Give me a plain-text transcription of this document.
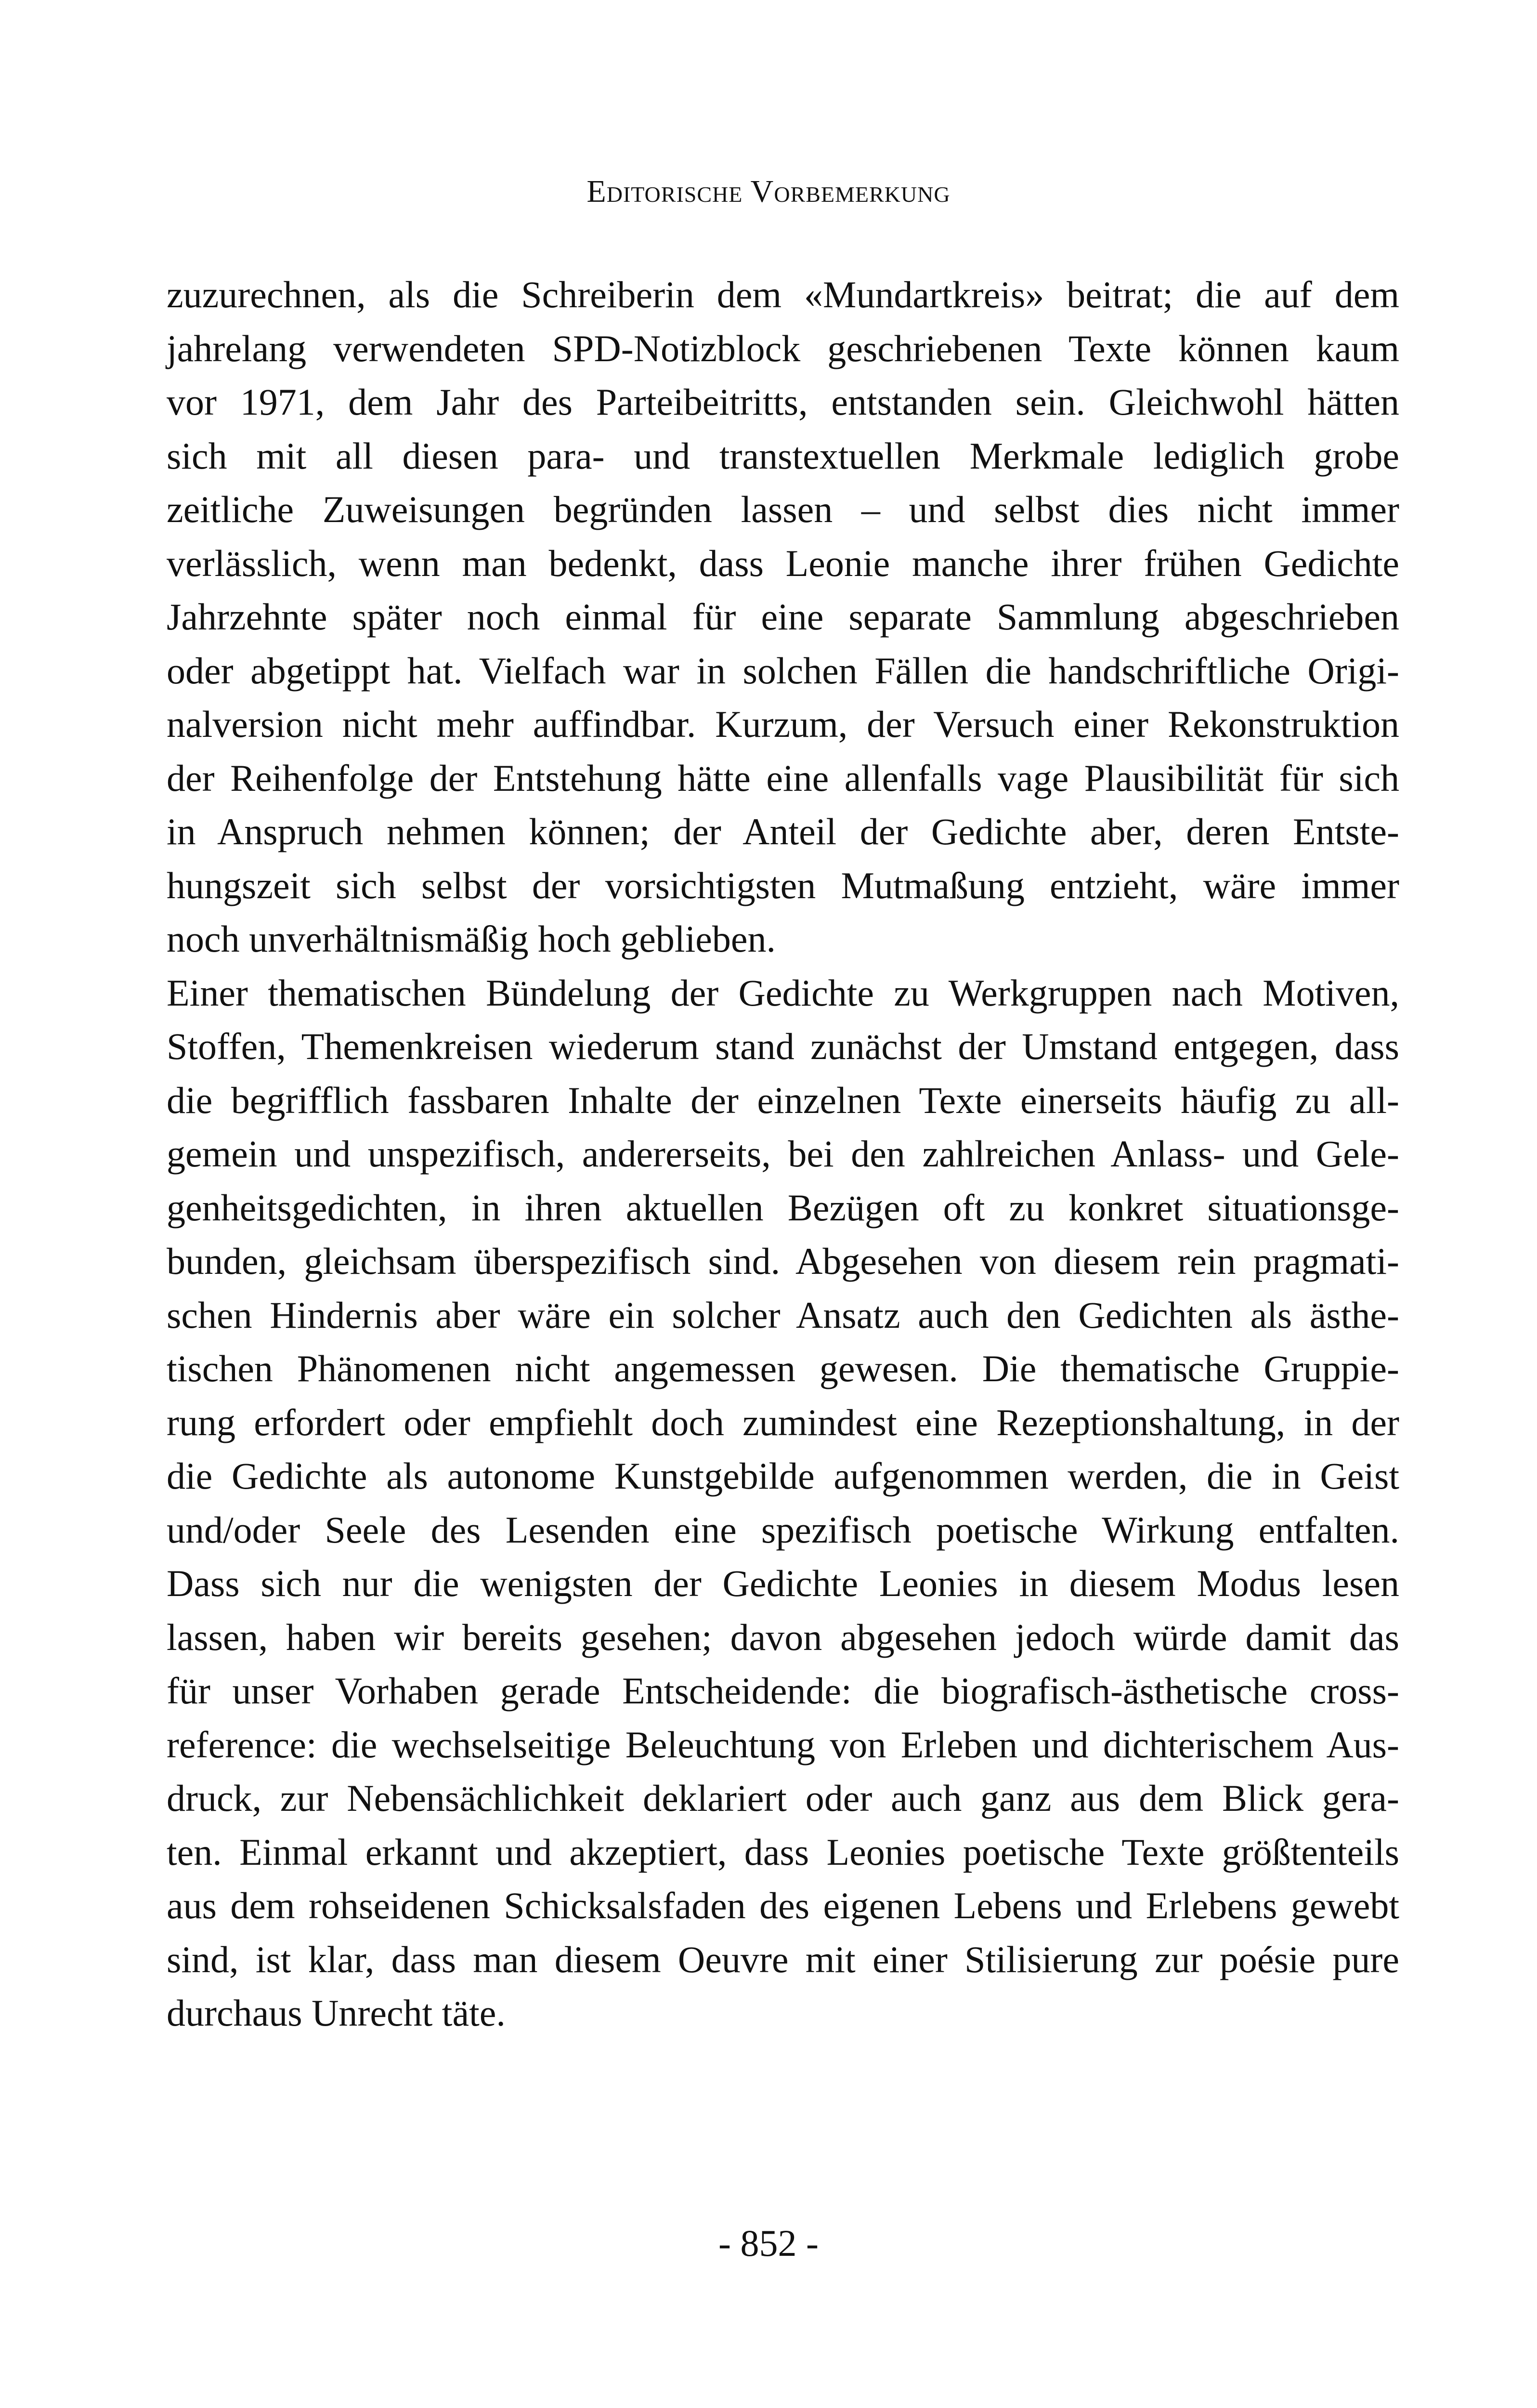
Editorische Vorbemerkung

zuzurechnen, als die Schreiberin dem «Mundartkreis» beitrat; die auf dem
jahrelang verwendeten SPD-Notizblock geschriebenen Texte können kaum
vor 1971, dem Jahr des Parteibeitritts, entstanden sein. Gleichwohl hätten
sich mit all diesen para- und transtextuellen Merkmale lediglich grobe
zeitliche Zuweisungen begründen lassen – und selbst dies nicht immer
verlässlich, wenn man bedenkt, dass Leonie manche ihrer frühen Gedichte
Jahrzehnte später noch einmal für eine separate Sammlung abgeschrieben
oder abgetippt hat. Vielfach war in solchen Fällen die handschriftliche Origi-
nalversion nicht mehr auffindbar. Kurzum, der Versuch einer Rekonstruktion
der Reihenfolge der Entstehung hätte eine allenfalls vage Plausibilität für sich
in Anspruch nehmen können; der Anteil der Gedichte aber, deren Entste-
hungszeit sich selbst der vorsichtigsten Mutmaßung entzieht, wäre immer
noch unverhältnismäßig hoch geblieben.

Einer thematischen Bündelung der Gedichte zu Werkgruppen nach Motiven,
Stoffen, Themenkreisen wiederum stand zunächst der Umstand entgegen, dass
die begrifflich fassbaren Inhalte der einzelnen Texte einerseits häufig zu all-
gemein und unspezifisch, andererseits, bei den zahlreichen Anlass- und Gele-
genheitsgedichten, in ihren aktuellen Bezügen oft zu konkret situationsge-
bunden, gleichsam überspezifisch sind. Abgesehen von diesem rein pragmati-
schen Hindernis aber wäre ein solcher Ansatz auch den Gedichten als ästhe-
tischen Phänomenen nicht angemessen gewesen. Die thematische Gruppie-
rung erfordert oder empfiehlt doch zumindest eine Rezeptionshaltung, in der
die Gedichte als autonome Kunstgebilde aufgenommen werden, die in Geist
und/oder Seele des Lesenden eine spezifisch poetische Wirkung entfalten.
Dass sich nur die wenigsten der Gedichte Leonies in diesem Modus lesen
lassen, haben wir bereits gesehen; davon abgesehen jedoch würde damit das
für unser Vorhaben gerade Entscheidende: die biografisch-ästhetische cross-
reference: die wechselseitige Beleuchtung von Erleben und dichterischem Aus-
druck, zur Nebensächlichkeit deklariert oder auch ganz aus dem Blick gera-
ten. Einmal erkannt und akzeptiert, dass Leonies poetische Texte größtenteils
aus dem rohseidenen Schicksalsfaden des eigenen Lebens und Erlebens gewebt
sind, ist klar, dass man diesem Oeuvre mit einer Stilisierung zur poésie pure
durchaus Unrecht täte.

- 852 -
